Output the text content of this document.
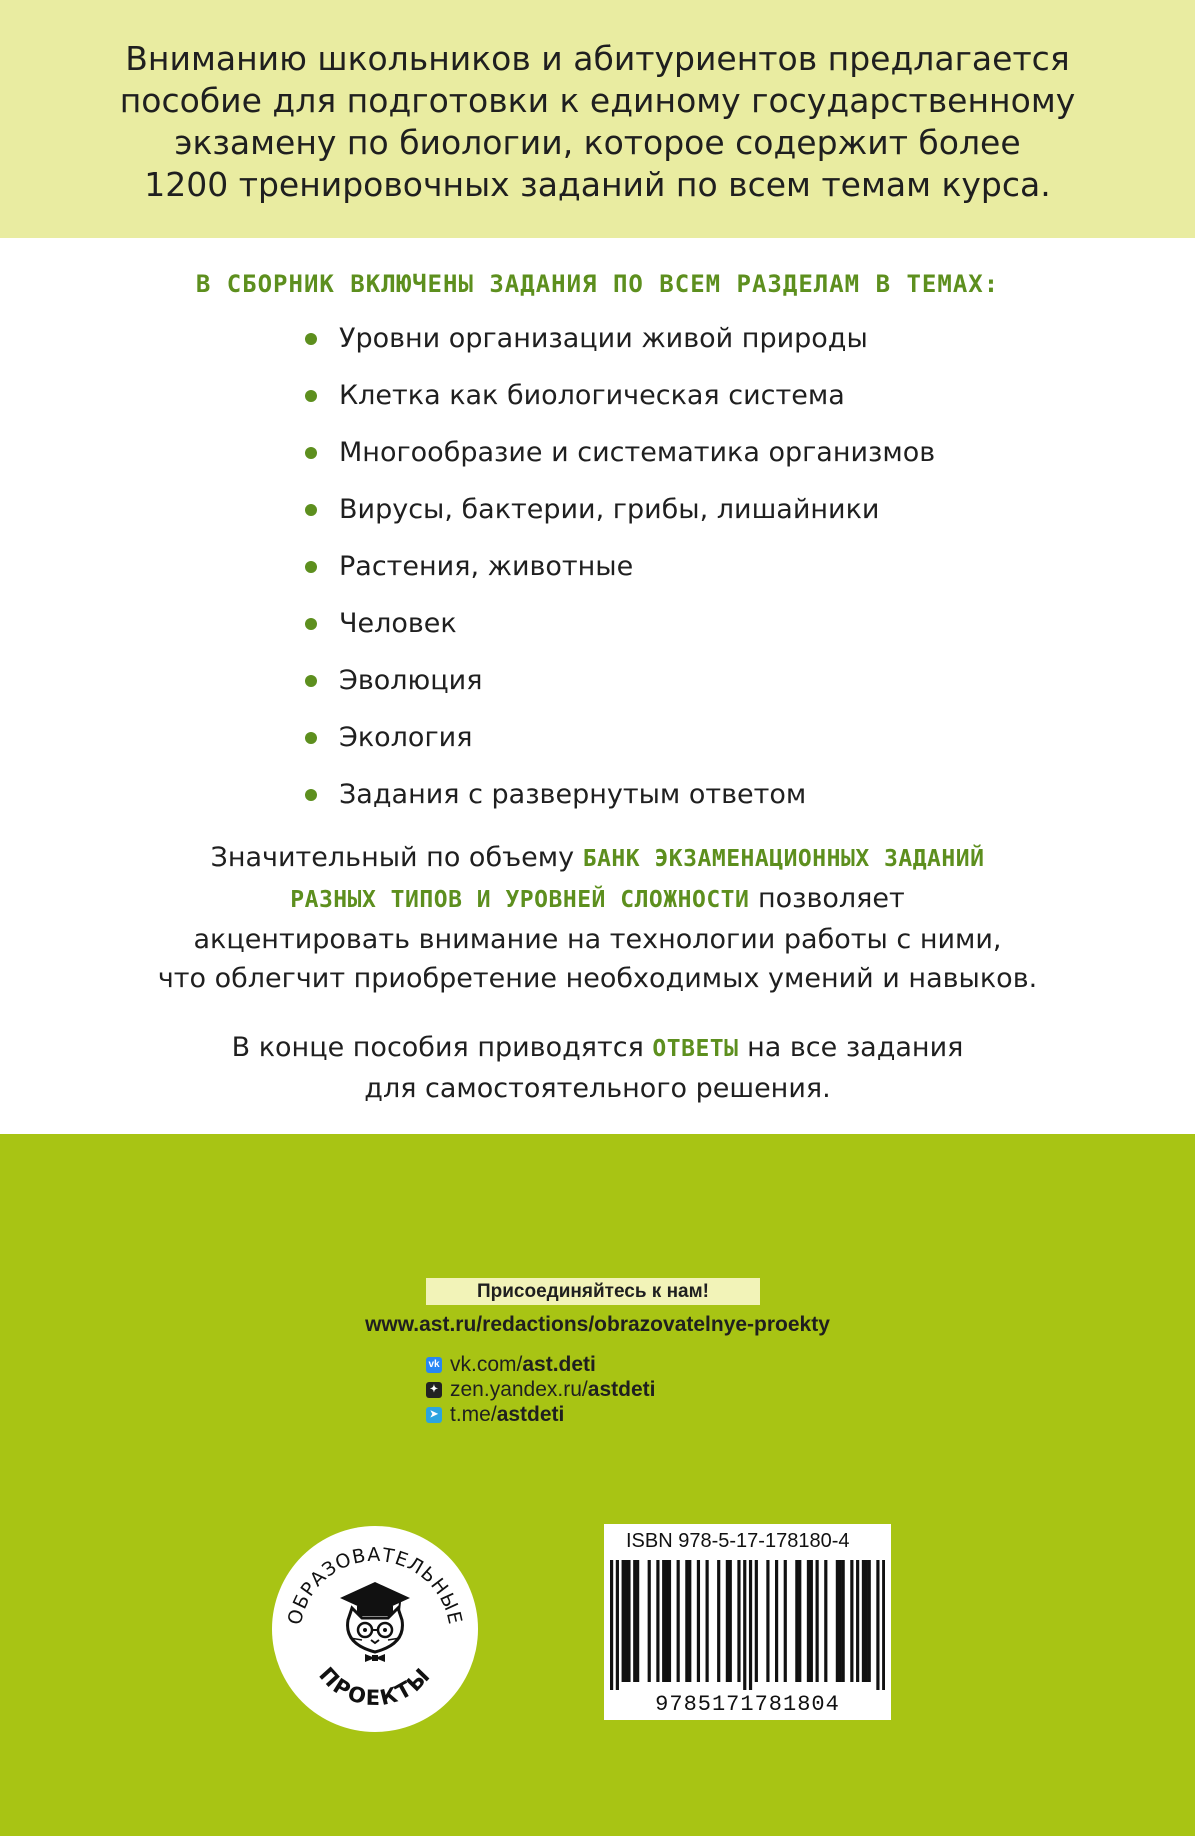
Вниманию школьников и абитуриентов предлагается
пособие для подготовки к единому государственному
экзамену по биологии, которое содержит более
1200 тренировочных заданий по всем темам курса.
В СБОРНИК ВКЛЮЧЕНЫ ЗАДАНИЯ ПО ВСЕМ РАЗДЕЛАМ В ТЕМАХ:
Уровни организации живой природы
Клетка как биологическая система
Многообразие и систематика организмов
Вирусы, бактерии, грибы, лишайники
Растения, животные
Человек
Эволюция
Экология
Задания с развернутым ответом
Значительный по объему БАНК ЭКЗАМЕНАЦИОННЫХ ЗАДАНИЙ
РАЗНЫХ ТИПОВ И УРОВНЕЙ СЛОЖНОСТИ позволяет
акцентировать внимание на технологии работы с ними,
что облегчит приобретение необходимых умений и навыков.
В конце пособия приводятся ОТВЕТЫ на все задания
для самостоятельного решения.
Присоединяйтесь к нам!
www.ast.ru/redactions/obrazovatelnye-proekty
vk vk.com/ ast.deti
✦ zen.yandex.ru/ astdeti
➤ t.me/ astdeti
ОБРАЗОВАТЕЛЬНЫЕ
ПРОЕКТЫ
ISBN 978-5-17-178180-4
9785171781804
